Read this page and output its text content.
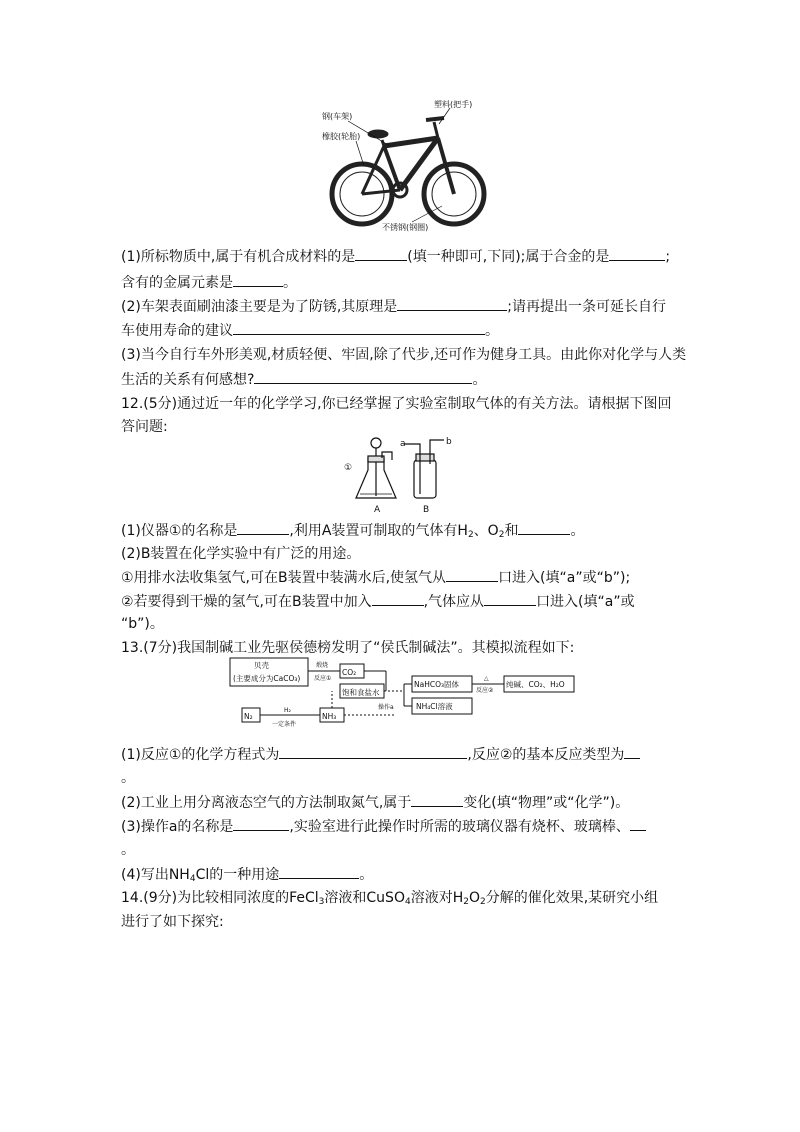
塑料(把手)
钢(车架)
橡胶(轮胎)
不锈钢(钢圈)
(1)所标物质中,属于有机合成材料的是	(填一种即可,下同);属于合金的是	;
含有的金属元素是	。
(2)车架表面刷油漆主要是为了防锈,其原理是	;请再提出一条可延长自行
车使用寿命的建议	。
(3)当今自行车外形美观,材质轻便、牢固,除了代步,还可作为健身工具。由此你对化学与人类
生活的关系有何感想?	。
12.(5分)通过近一年的化学学习,你已经掌握了实验室制取气体的有关方法。请根据下图回
答问题:
①
a	b
A	B
(1)仪器①的名称是	,利用A装置可制取的气体有$H_2$、$O_2$和	。
(2)B装置在化学实验中有广泛的用途。
①用排水法收集氢气,可在B装置中装满水后,使氢气从	口进入(填“a”或“b”);
②若要得到干燥的氢气,可在B装置中加入	,气体应从	口进入(填“a”或
“b”)。
13.(7分)我国制碱工业先驱侯德榜发明了“侯氏制碱法”。其模拟流程如下:
贝壳
(主要成分为CaCO₃)
煅烧
反应①
CO₂
饱和食盐水
N₂
H₂
一定条件
NH₃
操作a
NaHCO₃固体
△
反应②
纯碱、CO₂、H₂O
NH₄Cl溶液
(1)反应①的化学方程式为	,反应②的基本反应类型为
。
(2)工业上用分离液态空气的方法制取氮气,属于	变化(填“物理”或“化学”)。
(3)操作a的名称是	,实验室进行此操作时所需的玻璃仪器有烧杯、玻璃棒、
。
(4)写出$NH_4Cl$的一种用途	。
14.(9分)为比较相同浓度的FeCl$_3$溶液和CuSO$_4$溶液对$H_2O_2$分解的催化效果,某研究小组
进行了如下探究:
